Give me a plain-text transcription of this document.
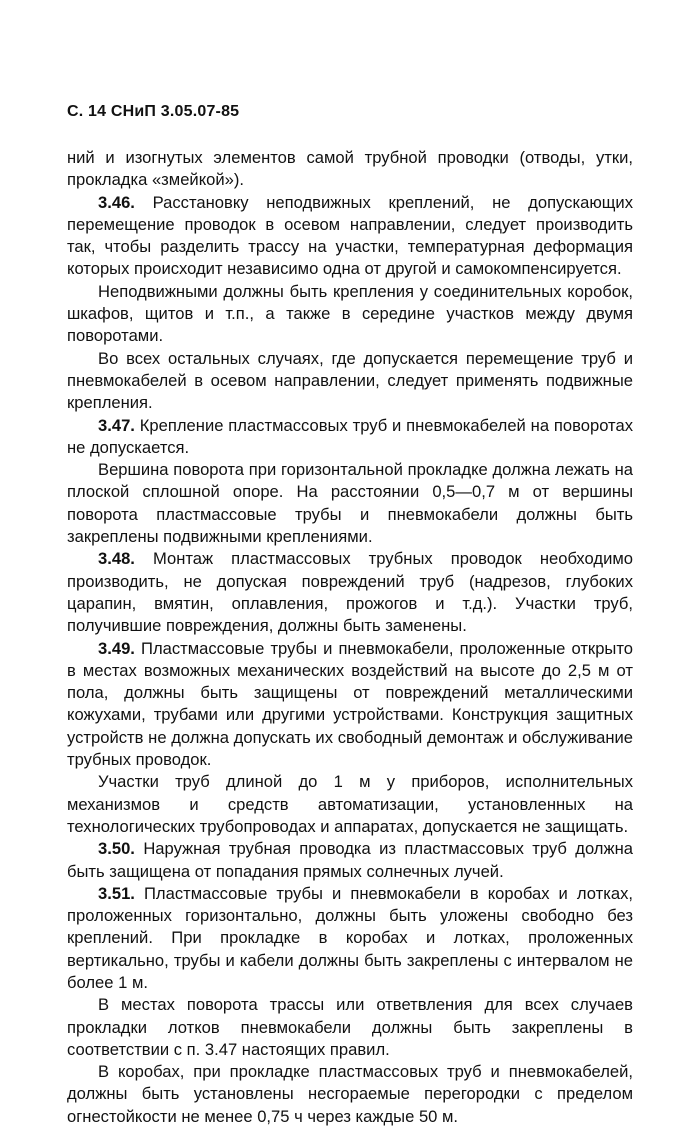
С. 14 СНиП 3.05.07-85

ний и изогнутых элементов самой трубной проводки (отводы, утки, прокладка «змейкой»).

3.46. Расстановку неподвижных креплений, не допускающих перемещение проводок в осевом направлении, следует производить так, чтобы разделить трассу на участки, температурная деформация которых происходит независимо одна от другой и самокомпенсируется.

Неподвижными должны быть крепления у соединительных коробок, шкафов, щитов и т.п., а также в середине участков между двумя поворотами.

Во всех остальных случаях, где допускается перемещение труб и пневмокабелей в осевом направлении, следует применять подвижные крепления.

3.47. Крепление пластмассовых труб и пневмокабелей на поворотах не допускается.

Вершина поворота при горизонтальной прокладке должна лежать на плоской сплошной опоре. На расстоянии 0,5—0,7 м от вершины поворота пластмассовые трубы и пневмокабели должны быть закреплены подвижными креплениями.

3.48. Монтаж пластмассовых трубных проводок необходимо производить, не допуская повреждений труб (надрезов, глубоких царапин, вмятин, оплавления, прожогов и т.д.). Участки труб, получившие повреждения, должны быть заменены.

3.49. Пластмассовые трубы и пневмокабели, проложенные открыто в местах возможных механических воздействий на высоте до 2,5 м от пола, должны быть защищены от повреждений металлическими кожухами, трубами или другими устройствами. Конструкция защитных устройств не должна допускать их свободный демонтаж и обслуживание трубных проводок.

Участки труб длиной до 1 м у приборов, исполнительных механизмов и средств автоматизации, установленных на технологических трубопроводах и аппаратах, допускается не защищать.

3.50. Наружная трубная проводка из пластмассовых труб должна быть защищена от попадания прямых солнечных лучей.

3.51. Пластмассовые трубы и пневмокабели в коробах и лотках, проложенных горизонтально, должны быть уложены свободно без креплений. При прокладке в коробах и лотках, проложенных вертикально, трубы и кабели должны быть закреплены с интервалом не более 1 м.

В местах поворота трассы или ответвления для всех случаев прокладки лотков пневмокабели должны быть закреплены в соответствии с п. 3.47 настоящих правил.

В коробах, при прокладке пластмассовых труб и пневмокабелей, должны быть установлены несгораемые перегородки с пределом огнестойкости не менее 0,75 ч через каждые 50 м.
